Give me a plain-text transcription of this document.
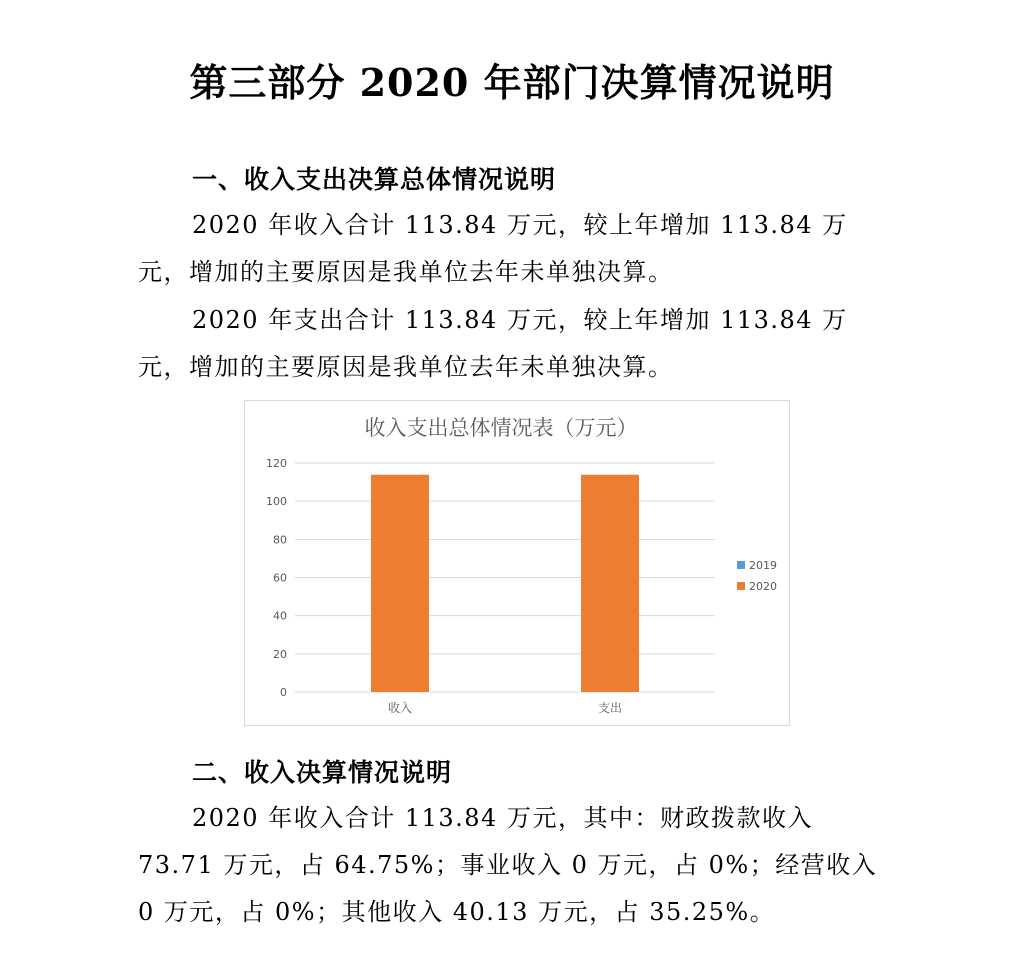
第三部分 2020 年部门决算情况说明
一、收入支出决算总体情况说明
2020 年收入合计 113.84 万元，较上年增加 113.84 万元，增加的主要原因是我单位去年未单独决算。
2020 年支出合计 113.84 万元，较上年增加 113.84 万元，增加的主要原因是我单位去年未单独决算。
收入支出总体情况表（万元）
0
20
40
60
80
100
120
收入	支出
2019
2020
二、收入决算情况说明
2020 年收入合计 113.84 万元，其中：财政拨款收入 73.71 万元，占 64.75%；事业收入 0 万元，占 0%；经营收入 0 万元，占 0%；其他收入 40.13 万元，占 35.25%。
